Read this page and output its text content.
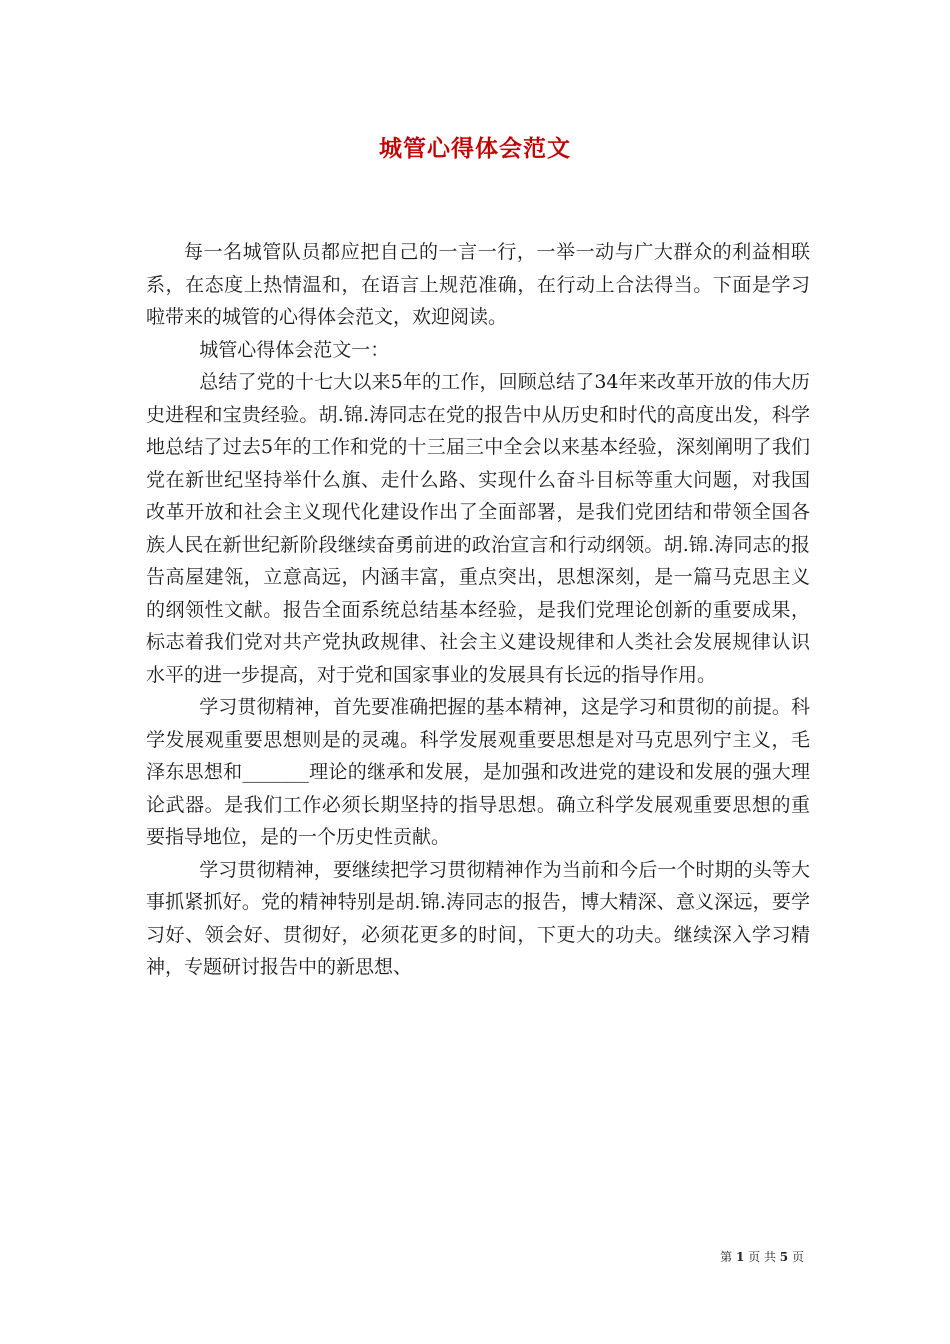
城管心得体会范文

每一名城管队员都应把自己的一言一行，一举一动与广大群众的利益相联系，在态度上热情温和，在语言上规范准确，在行动上合法得当。下面是学习啦带来的城管的心得体会范文，欢迎阅读。

城管心得体会范文一：

总结了党的十七大以来5年的工作，回顾总结了34年来改革开放的伟大历史进程和宝贵经验。胡.锦.涛同志在党的报告中从历史和时代的高度出发，科学地总结了过去5年的工作和党的十三届三中全会以来基本经验，深刻阐明了我们党在新世纪坚持举什么旗、走什么路、实现什么奋斗目标等重大问题，对我国改革开放和社会主义现代化建设作出了全面部署，是我们党团结和带领全国各族人民在新世纪新阶段继续奋勇前进的政治宣言和行动纲领。胡.锦.涛同志的报告高屋建瓴，立意高远，内涵丰富，重点突出，思想深刻，是一篇马克思主义的纲领性文献。报告全面系统总结基本经验，是我们党理论创新的重要成果，标志着我们党对共产党执政规律、社会主义建设规律和人类社会发展规律认识水平的进一步提高，对于党和国家事业的发展具有长远的指导作用。

学习贯彻精神，首先要准确把握的基本精神，这是学习和贯彻的前提。科学发展观重要思想则是的灵魂。科学发展观重要思想是对马克思列宁主义，毛泽东思想和_______理论的继承和发展，是加强和改进党的建设和发展的强大理论武器。是我们工作必须长期坚持的指导思想。确立科学发展观重要思想的重要指导地位，是的一个历史性贡献。

学习贯彻精神，要继续把学习贯彻精神作为当前和今后一个时期的头等大事抓紧抓好。党的精神特别是胡.锦.涛同志的报告，博大精深、意义深远，要学习好、领会好、贯彻好，必须花更多的时间，下更大的功夫。继续深入学习精神，专题研讨报告中的新思想、

第 1 页 共 5 页
